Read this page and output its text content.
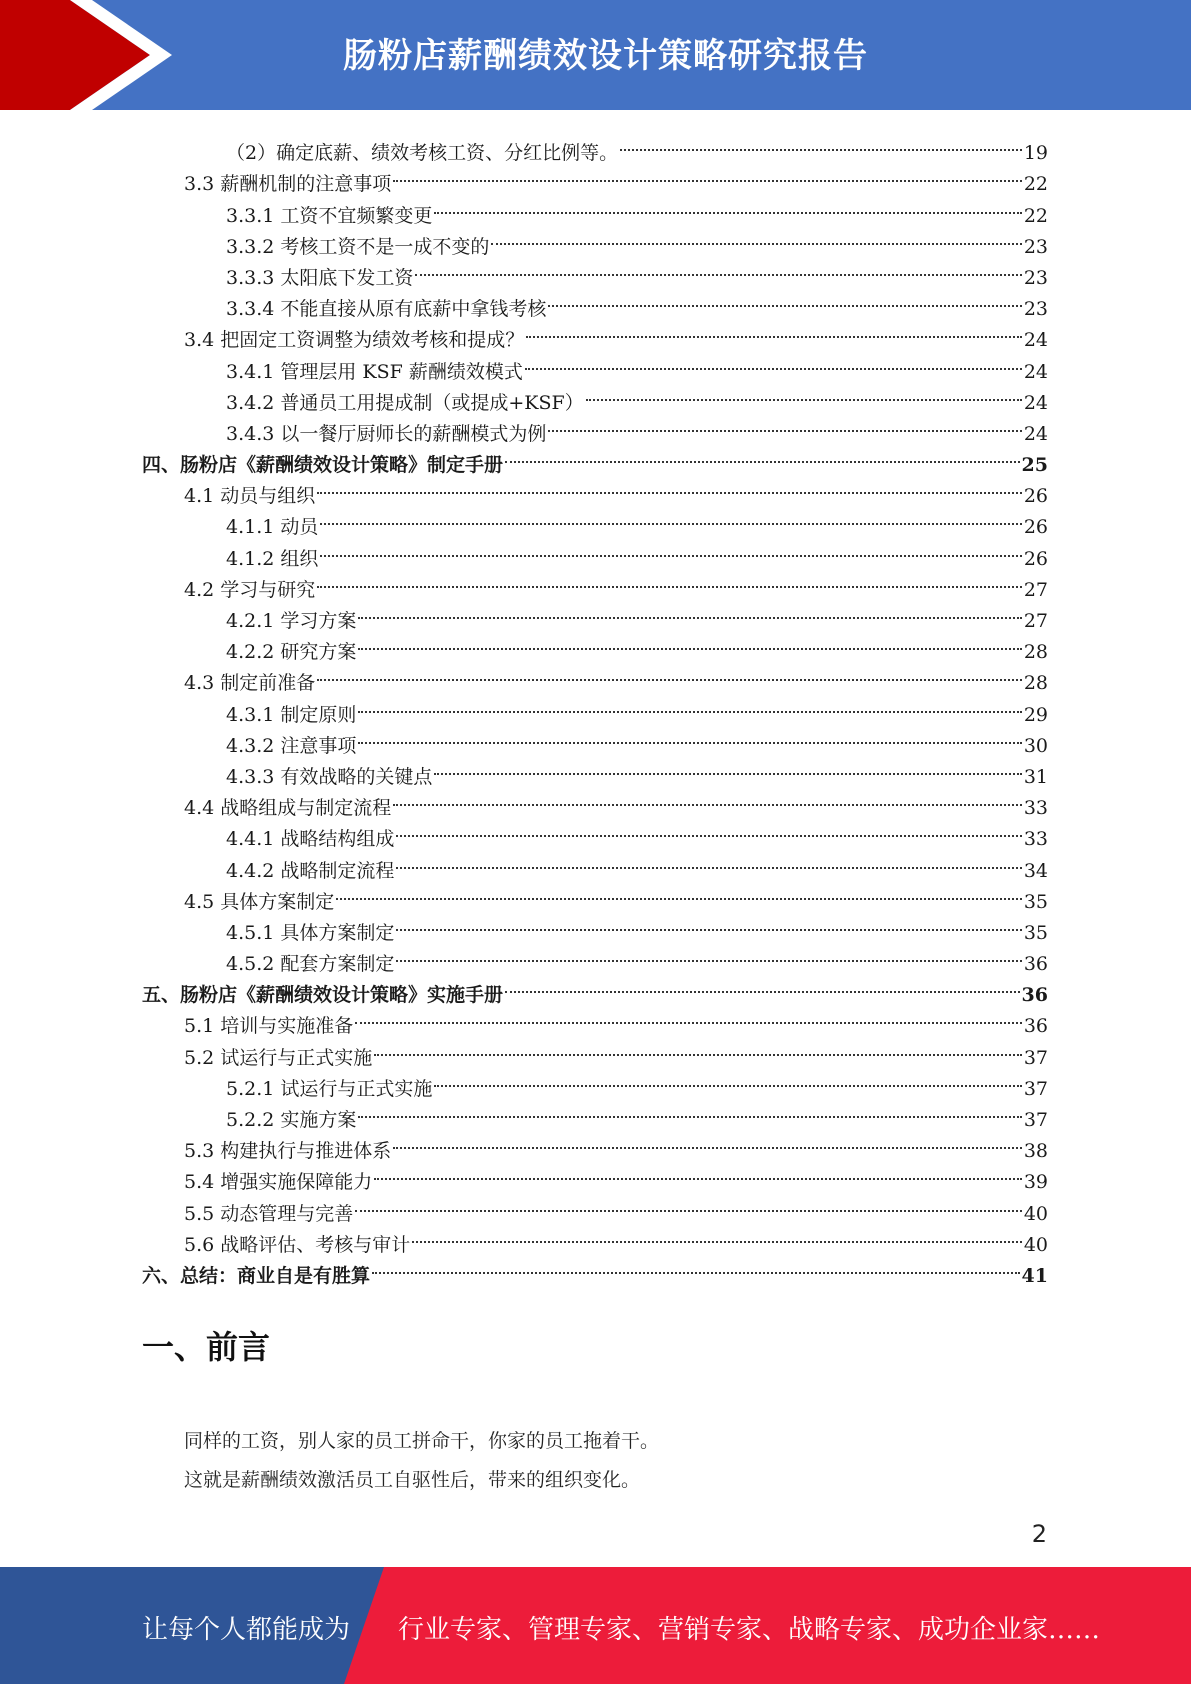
肠粉店薪酬绩效设计策略研究报告
（2）确定底薪、绩效考核工资、分红比例等。	19
3.3 薪酬机制的注意事项	22
3.3.1 工资不宜频繁变更	22
3.3.2 考核工资不是一成不变的	23
3.3.3 太阳底下发工资	23
3.3.4 不能直接从原有底薪中拿钱考核	23
3.4 把固定工资调整为绩效考核和提成？	24
3.4.1 管理层用 KSF 薪酬绩效模式	24
3.4.2 普通员工用提成制（或提成+KSF）	24
3.4.3 以一餐厅厨师长的薪酬模式为例	24
四、肠粉店《薪酬绩效设计策略》制定手册	25
4.1 动员与组织	26
4.1.1 动员	26
4.1.2 组织	26
4.2 学习与研究	27
4.2.1 学习方案	27
4.2.2 研究方案	28
4.3 制定前准备	28
4.3.1 制定原则	29
4.3.2 注意事项	30
4.3.3 有效战略的关键点	31
4.4 战略组成与制定流程	33
4.4.1 战略结构组成	33
4.4.2 战略制定流程	34
4.5 具体方案制定	35
4.5.1 具体方案制定	35
4.5.2 配套方案制定	36
五、肠粉店《薪酬绩效设计策略》实施手册	36
5.1 培训与实施准备	36
5.2 试运行与正式实施	37
5.2.1 试运行与正式实施	37
5.2.2 实施方案	37
5.3 构建执行与推进体系	38
5.4 增强实施保障能力	39
5.5 动态管理与完善	40
5.6 战略评估、考核与审计	40
六、总结：商业自是有胜算	41
一、前言
同样的工资，别人家的员工拼命干，你家的员工拖着干。
这就是薪酬绩效激活员工自驱性后，带来的组织变化。
2
让每个人都能成为 行业专家、管理专家、营销专家、战略专家、成功企业家……
